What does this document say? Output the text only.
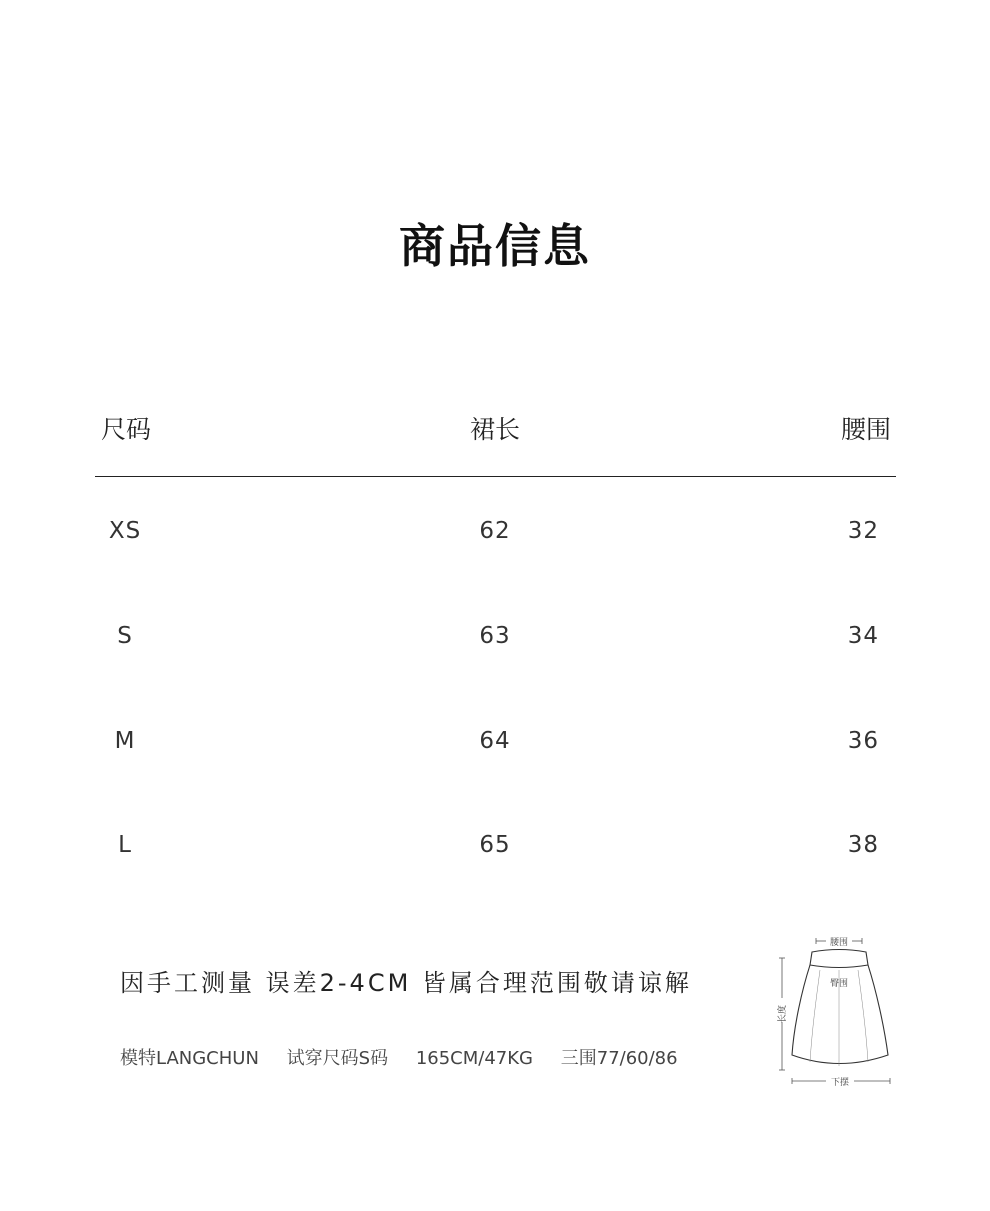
商品信息
尺码	裙长	腰围
XS	62	32
S	63	34
M	64	36
L	65	38
因手工测量 误差2-4CM 皆属合理范围敬请谅解
模特LANGCHUN 试穿尺码S码 165CM/47KG 三围77/60/86
腰围
臀围
长度
下摆
